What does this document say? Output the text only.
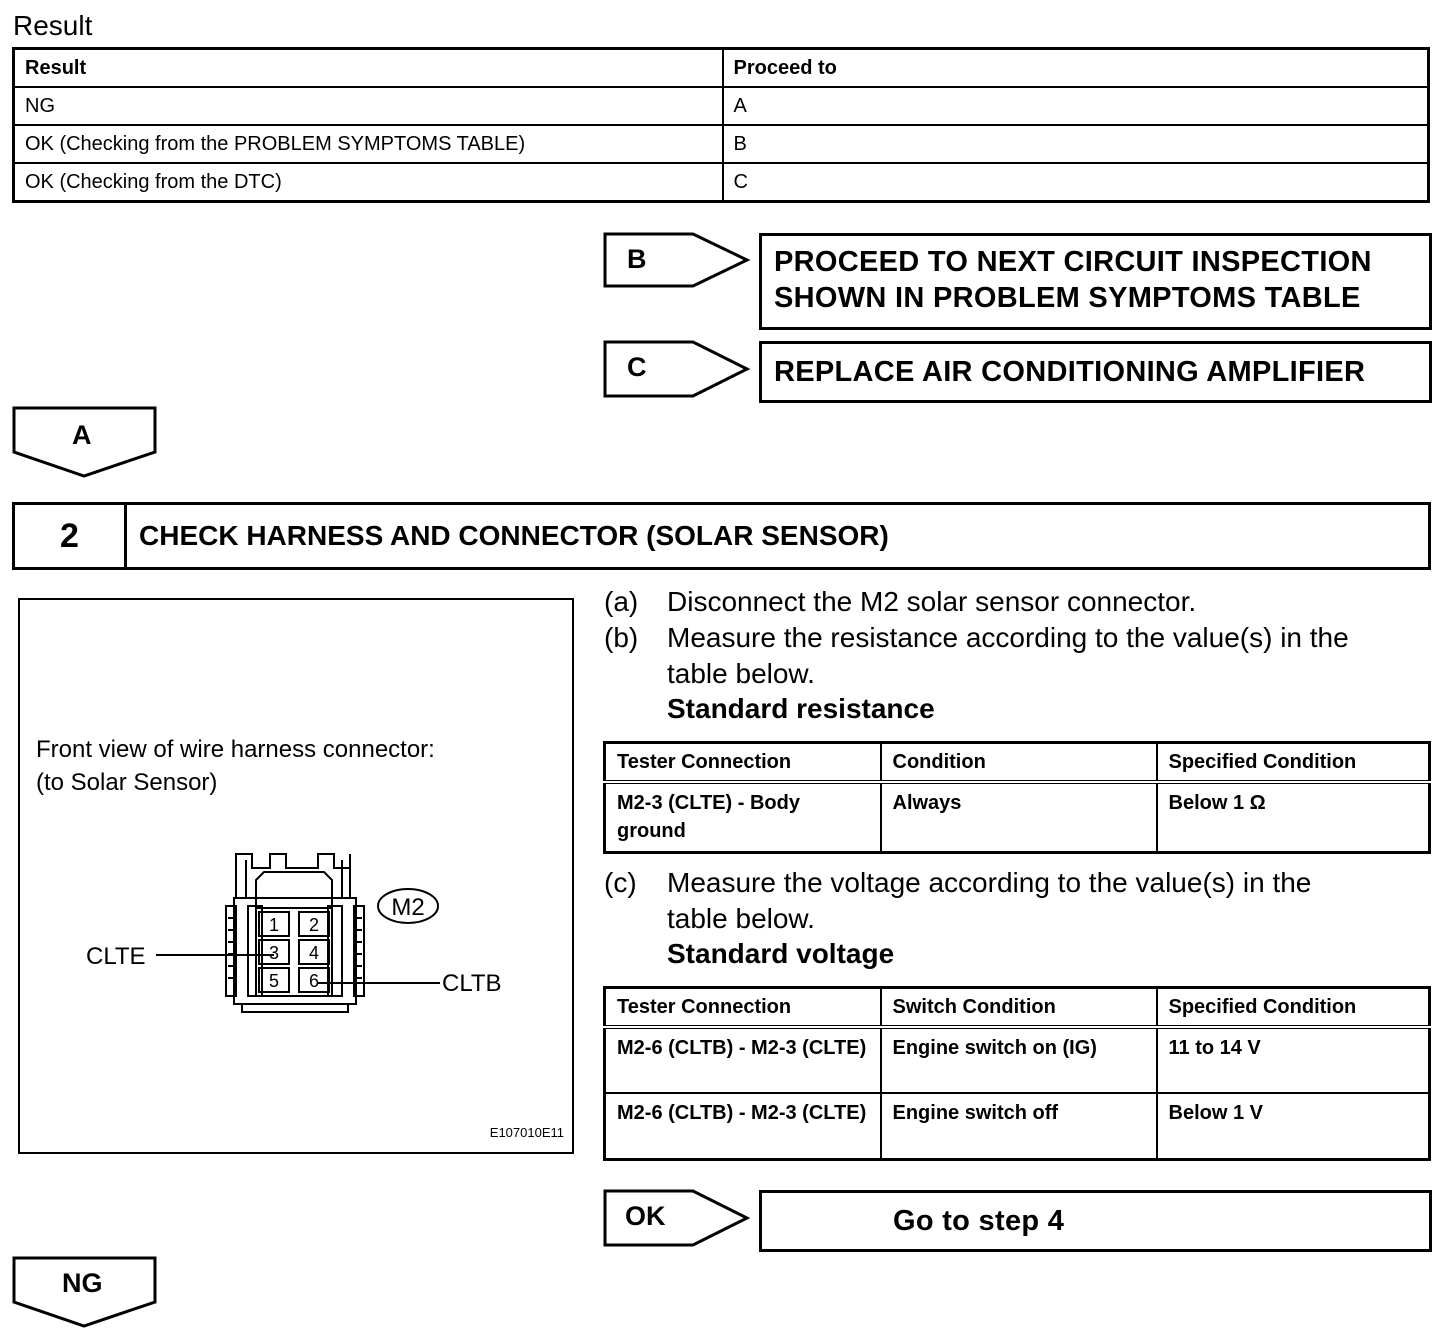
Result
Result	Proceed to
NG	A
OK (Checking from the PROBLEM SYMPTOMS TABLE)	B
OK (Checking from the DTC)	C
B	PROCEED TO NEXT CIRCUIT INSPECTION
SHOWN IN PROBLEM SYMPTOMS TABLE
C	REPLACE AIR CONDITIONING AMPLIFIER
A
2	CHECK HARNESS AND CONNECTOR (SOLAR SENSOR)
Front view of wire harness connector:
(to Solar Sensor)
1 2
3 4
5 6
M2
CLTE
CLTB
E107010E11
(a) Disconnect the M2 solar sensor connector.
(b) Measure the resistance according to the value(s) in the
table below.
Standard resistance
Tester Connection	Condition	Specified Condition
M2-3 (CLTE) - Body ground	Always	Below 1 Ω
(c) Measure the voltage according to the value(s) in the
table below.
Standard voltage
Tester Connection	Switch Condition	Specified Condition
M2-6 (CLTB) - M2-3 (CLTE)	Engine switch on (IG)	11 to 14 V
M2-6 (CLTB) - M2-3 (CLTE)	Engine switch off	Below 1 V
OK	Go to step 4
NG
